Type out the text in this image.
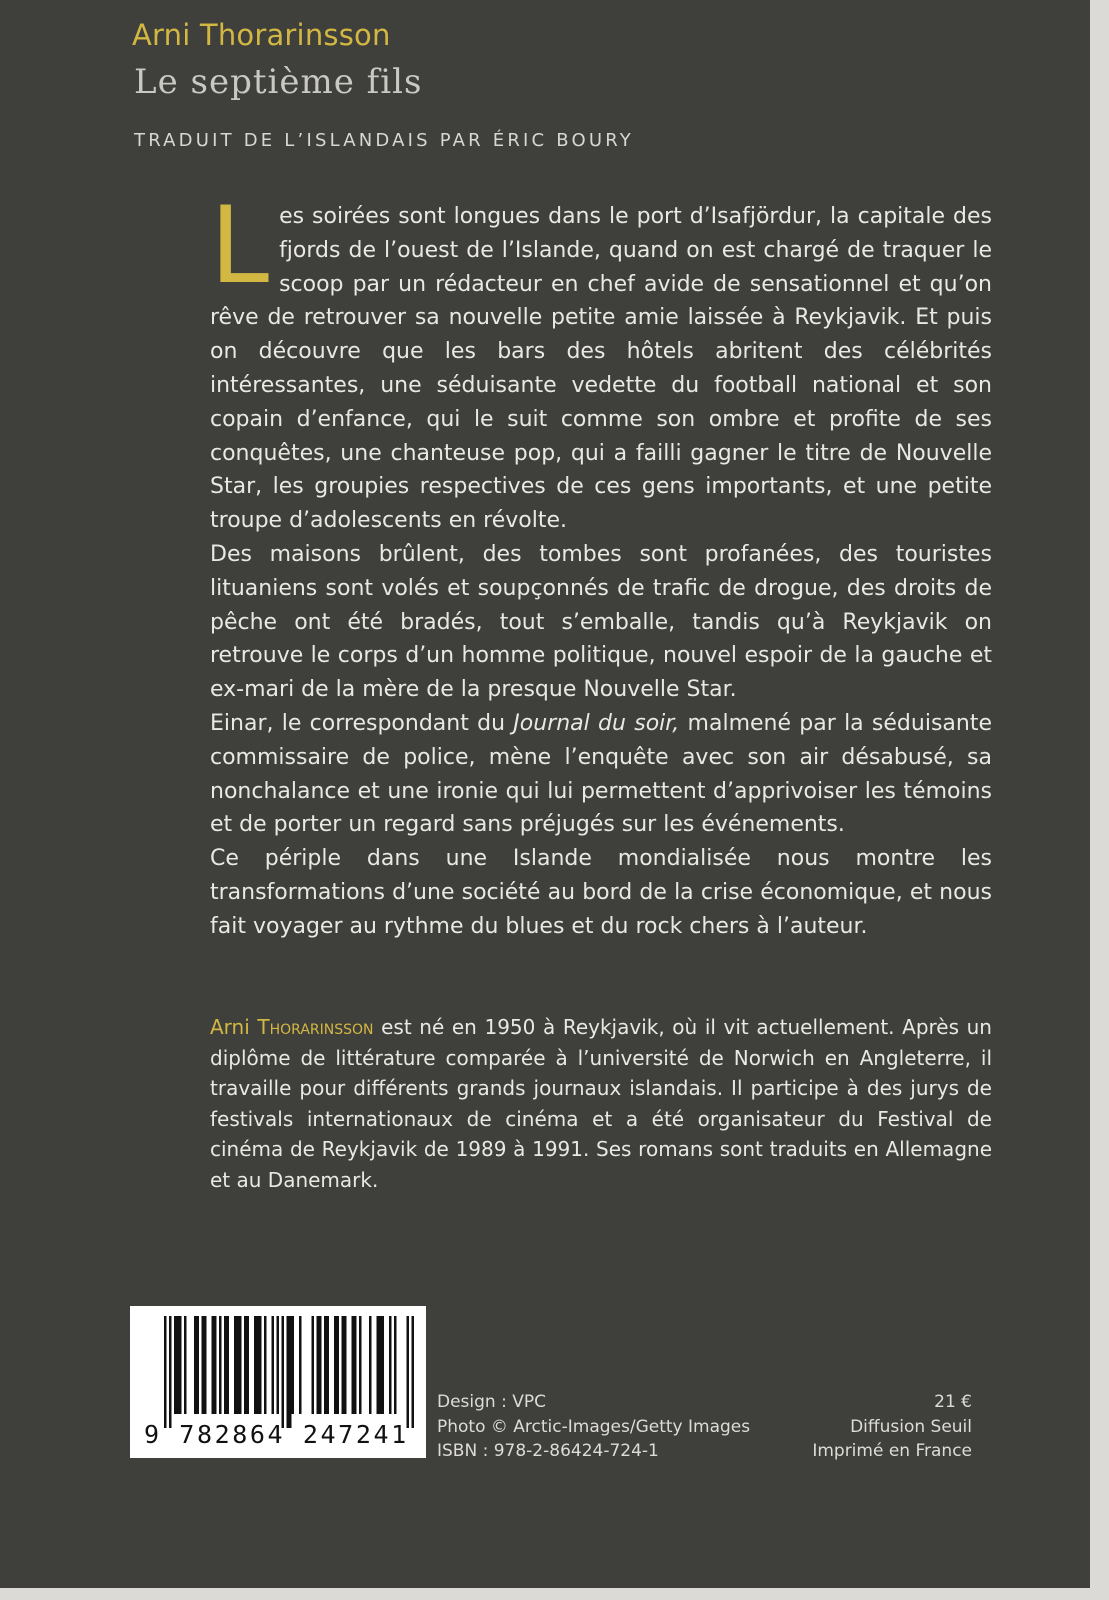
Arni Thorarinsson
Le septième fils
TRADUIT DE L’ISLANDAIS PAR ÉRIC BOURY

Les soirées sont longues dans le port d’Isafjördur, la capitale des fjords de l’ouest de l’Islande, quand on est chargé de traquer le scoop par un rédacteur en chef avide de sensationnel et qu’on rêve de retrouver sa nouvelle petite amie laissée à Reykjavik. Et puis on découvre que les bars des hôtels abritent des célébrités intéressantes, une séduisante vedette du football national et son copain d’enfance, qui le suit comme son ombre et profite de ses conquêtes, une chanteuse pop, qui a failli gagner le titre de Nouvelle Star, les groupies respectives de ces gens importants, et une petite troupe d’adolescents en révolte.

Des maisons brûlent, des tombes sont profanées, des touristes lituaniens sont volés et soupçonnés de trafic de drogue, des droits de pêche ont été bradés, tout s’emballe, tandis qu’à Reykjavik on retrouve le corps d’un homme politique, nouvel espoir de la gauche et ex-mari de la mère de la presque Nouvelle Star.

Einar, le correspondant du Journal du soir, malmené par la séduisante commissaire de police, mène l’enquête avec son air désabusé, sa nonchalance et une ironie qui lui permettent d’apprivoiser les témoins et de porter un regard sans préjugés sur les événements.

Ce périple dans une Islande mondialisée nous montre les transformations d’une société au bord de la crise économique, et nous fait voyager au rythme du blues et du rock chers à l’auteur.

Arni Thorarinsson est né en 1950 à Reykjavik, où il vit actuellement. Après un diplôme de littérature comparée à l’université de Norwich en Angleterre, il travaille pour différents grands journaux islandais. Il participe à des jurys de festivals internationaux de cinéma et a été organisateur du Festival de cinéma de Reykjavik de 1989 à 1991. Ses romans sont traduits en Allemagne et au Danemark.

9 782864 247241
Design : VPC
Photo © Arctic-Images/Getty Images
ISBN : 978-2-86424-724-1
21 €
Diffusion Seuil
Imprimé en France
